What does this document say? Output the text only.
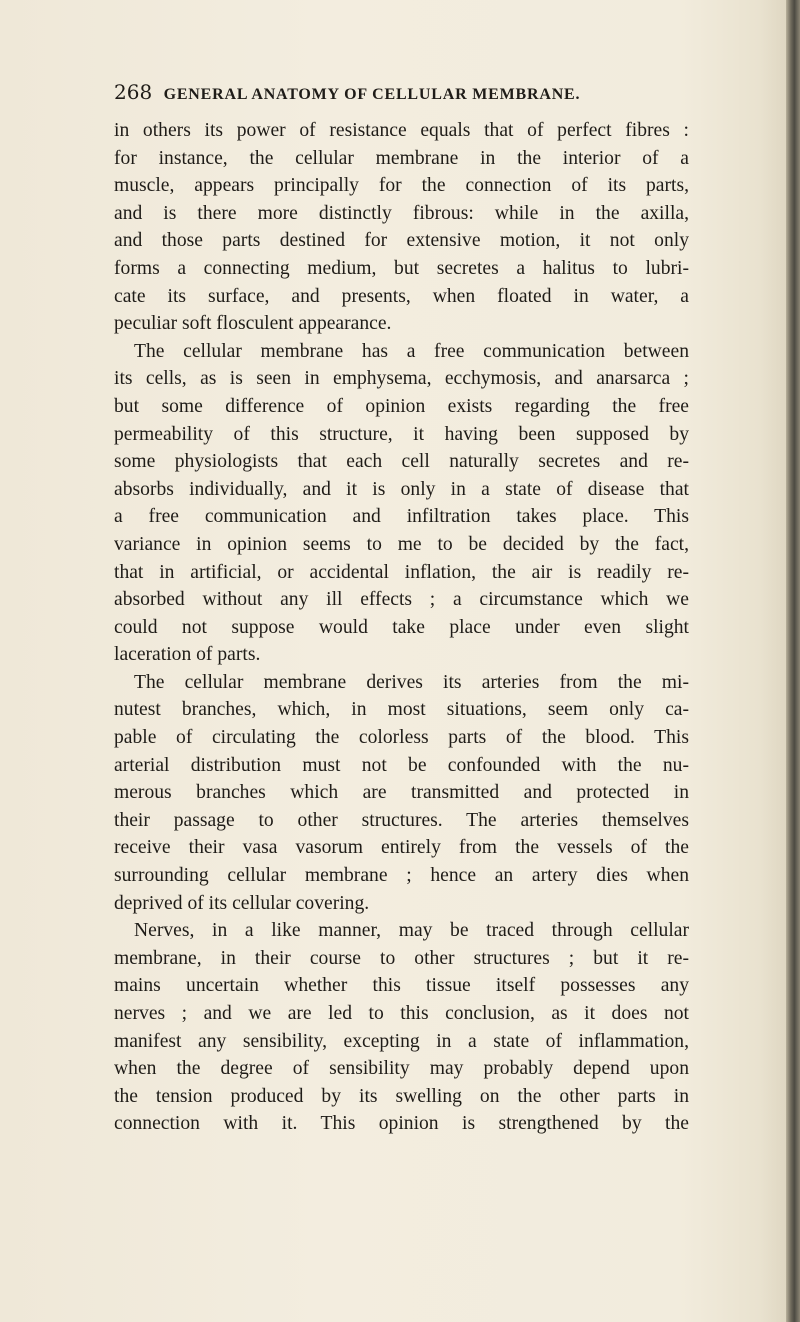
268 GENERAL ANATOMY OF CELLULAR MEMBRANE.
in others its power of resistance equals that of perfect fibres :
for instance, the cellular membrane in the interior of a
muscle, appears principally for the connection of its parts,
and is there more distinctly fibrous: while in the axilla,
and those parts destined for extensive motion, it not only
forms a connecting medium, but secretes a halitus to lubri-
cate its surface, and presents, when floated in water, a
peculiar soft flosculent appearance.
The cellular membrane has a free communication between
its cells, as is seen in emphysema, ecchymosis, and anarsarca ;
but some difference of opinion exists regarding the free
permeability of this structure, it having been supposed by
some physiologists that each cell naturally secretes and re-
absorbs individually, and it is only in a state of disease that
a free communication and infiltration takes place. This
variance in opinion seems to me to be decided by the fact,
that in artificial, or accidental inflation, the air is readily re-
absorbed without any ill effects ; a circumstance which we
could not suppose would take place under even slight
laceration of parts.
The cellular membrane derives its arteries from the mi-
nutest branches, which, in most situations, seem only ca-
pable of circulating the colorless parts of the blood. This
arterial distribution must not be confounded with the nu-
merous branches which are transmitted and protected in
their passage to other structures. The arteries themselves
receive their vasa vasorum entirely from the vessels of the
surrounding cellular membrane ; hence an artery dies when
deprived of its cellular covering.
Nerves, in a like manner, may be traced through cellular
membrane, in their course to other structures ; but it re-
mains uncertain whether this tissue itself possesses any
nerves ; and we are led to this conclusion, as it does not
manifest any sensibility, excepting in a state of inflammation,
when the degree of sensibility may probably depend upon
the tension produced by its swelling on the other parts in
connection with it. This opinion is strengthened by the
